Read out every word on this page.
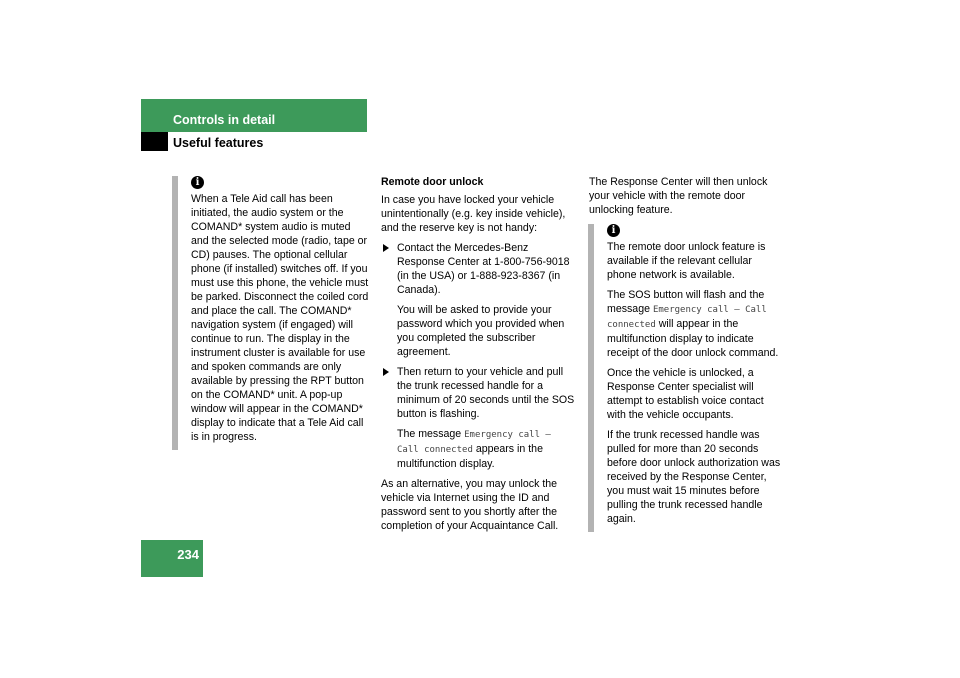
Controls in detail
Useful features
i

When a Tele Aid call has been initiated, the audio system or the COMAND* system audio is muted and the selected mode (radio, tape or CD) pauses. The optional cellular phone (if installed) switches off. If you must use this phone, the vehicle must be parked. Disconnect the coiled cord and place the call. The COMAND* navigation system (if engaged) will continue to run. The display in the instrument cluster is available for use and spoken commands are only available by pressing the RPT button on the COMAND* unit. A pop-up window will appear in the COMAND* display to indicate that a Tele Aid call is in progress.

Remote door unlock

In case you have locked your vehicle unintentionally (e.g. key inside vehicle), and the reserve key is not handy:

Contact the Mercedes-Benz Response Center at 1-800-756-9018 (in the USA) or 1-888-923-8367 (in Canada).

You will be asked to provide your password which you provided when you completed the subscriber agreement.

Then return to your vehicle and pull the trunk recessed handle for a minimum of 20 seconds until the SOS button is flashing.

The message Emergency call – Call connected appears in the multifunction display.

As an alternative, you may unlock the vehicle via Internet using the ID and password sent to you shortly after the completion of your Acquaintance Call.

The Response Center will then unlock your vehicle with the remote door unlocking feature.

i

The remote door unlock feature is available if the relevant cellular phone network is available.

The SOS button will flash and the message Emergency call – Call connected will appear in the multifunction display to indicate receipt of the door unlock command.

Once the vehicle is unlocked, a Response Center specialist will attempt to establish voice contact with the vehicle occupants.

If the trunk recessed handle was pulled for more than 20 seconds before door unlock authorization was received by the Response Center, you must wait 15 minutes before pulling the trunk recessed handle again.

234
